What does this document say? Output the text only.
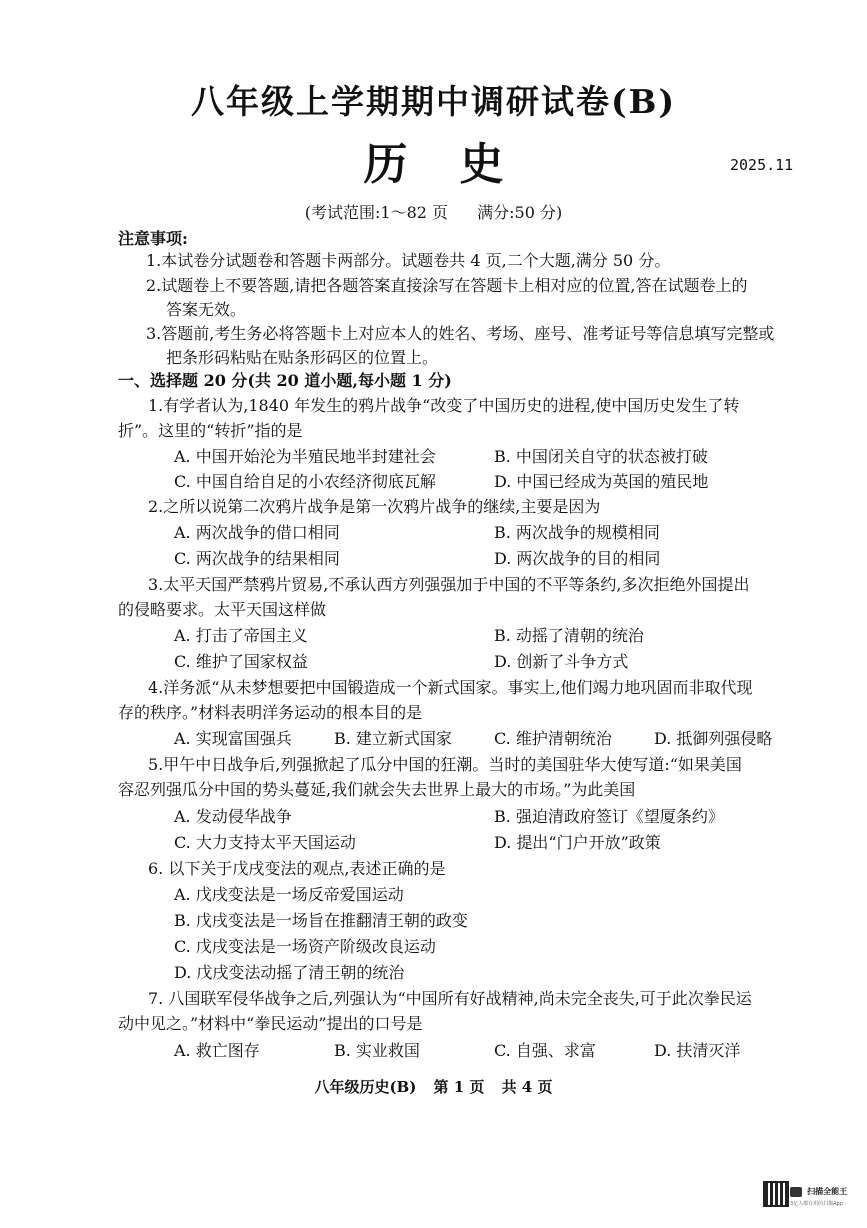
八年级上学期期中调研试卷(B)
历史	2025.11
(考试范围:1～82 页 满分:50 分)
注意事项:
1.本试卷分试题卷和答题卡两部分。试题卷共 4 页,二个大题,满分 50 分。
2.试题卷上不要答题,请把各题答案直接涂写在答题卡上相对应的位置,答在试题卷上的
答案无效。
3.答题前,考生务必将答题卡上对应本人的姓名、考场、座号、准考证号等信息填写完整或
把条形码粘贴在贴条形码区的位置上。
一、选择题 20 分(共 20 道小题,每小题 1 分)
1.有学者认为,1840 年发生的鸦片战争“改变了中国历史的进程,使中国历史发生了转
折”。这里的“转折”指的是
A. 中国开始沦为半殖民地半封建社会	B. 中国闭关自守的状态被打破
C. 中国自给自足的小农经济彻底瓦解	D. 中国已经成为英国的殖民地
2.之所以说第二次鸦片战争是第一次鸦片战争的继续,主要是因为
A. 两次战争的借口相同	B. 两次战争的规模相同
C. 两次战争的结果相同	D. 两次战争的目的相同
3.太平天国严禁鸦片贸易,不承认西方列强强加于中国的不平等条约,多次拒绝外国提出
的侵略要求。太平天国这样做
A. 打击了帝国主义	B. 动摇了清朝的统治
C. 维护了国家权益	D. 创新了斗争方式
4.洋务派“从未梦想要把中国锻造成一个新式国家。事实上,他们竭力地巩固而非取代现
存的秩序。”材料表明洋务运动的根本目的是
A. 实现富国强兵	B. 建立新式国家	C. 维护清朝统治	D. 抵御列强侵略
5.甲午中日战争后,列强掀起了瓜分中国的狂潮。当时的美国驻华大使写道:“如果美国
容忍列强瓜分中国的势头蔓延,我们就会失去世界上最大的市场。”为此美国
A. 发动侵华战争	B. 强迫清政府签订《望厦条约》
C. 大力支持太平天国运动	D. 提出“门户开放”政策
6. 以下关于戊戌变法的观点,表述正确的是
A. 戊戌变法是一场反帝爱国运动
B. 戊戌变法是一场旨在推翻清王朝的政变
C. 戊戌变法是一场资产阶级改良运动
D. 戊戌变法动摇了清王朝的统治
7. 八国联军侵华战争之后,列强认为“中国所有好战精神,尚未完全丧失,可于此次拳民运
动中见之。”材料中“拳民运动”提出的口号是
A. 救亡图存	B. 实业救国	C. 自强、求富	D. 扶清灭洋
八年级历史(B) 第 1 页 共 4 页
扫描全能王
3亿人都在用的扫描App
